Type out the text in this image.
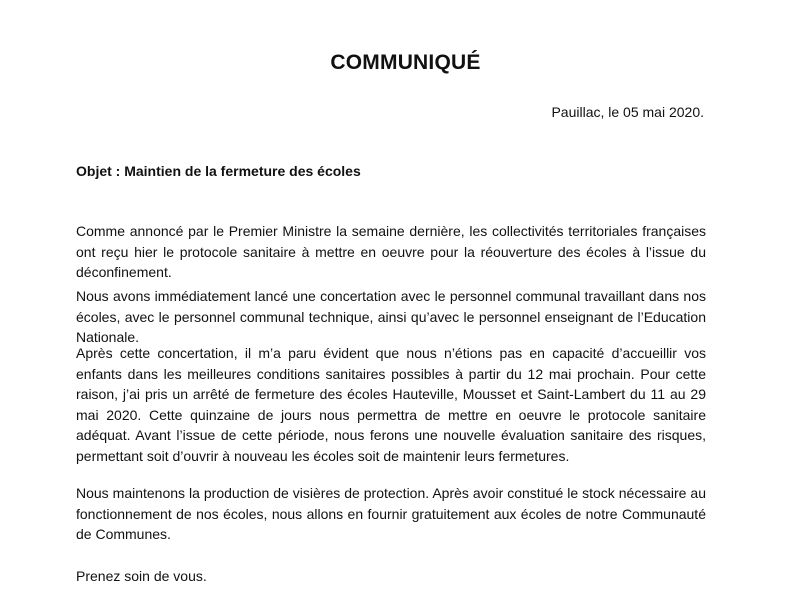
COMMUNIQUÉ

Pauillac, le 05 mai 2020.

Objet : Maintien de la fermeture des écoles

Comme annoncé par le Premier Ministre la semaine dernière, les collectivités territoriales françaises ont reçu hier le protocole sanitaire à mettre en oeuvre pour la réouverture des écoles à l’issue du déconfinement.

Nous avons immédiatement lancé une concertation avec le personnel communal travaillant dans nos écoles, avec le personnel communal technique, ainsi qu’avec le personnel enseignant de l’Education Nationale.

Après cette concertation, il m’a paru évident que nous n’étions pas en capacité d’accueillir vos enfants dans les meilleures conditions sanitaires possibles à partir du 12 mai prochain. Pour cette raison, j’ai pris un arrêté de fermeture des écoles Hauteville, Mousset et Saint-Lambert du 11 au 29 mai 2020. Cette quinzaine de jours nous permettra de mettre en oeuvre le protocole sanitaire adéquat. Avant l’issue de cette période, nous ferons une nouvelle évaluation sanitaire des risques, permettant soit d’ouvrir à nouveau les écoles soit de maintenir leurs fermetures.

Nous maintenons la production de visières de protection. Après avoir constitué le stock nécessaire au fonctionnement de nos écoles, nous allons en fournir gratuitement aux écoles de notre Communauté de Communes.

Prenez soin de vous.
